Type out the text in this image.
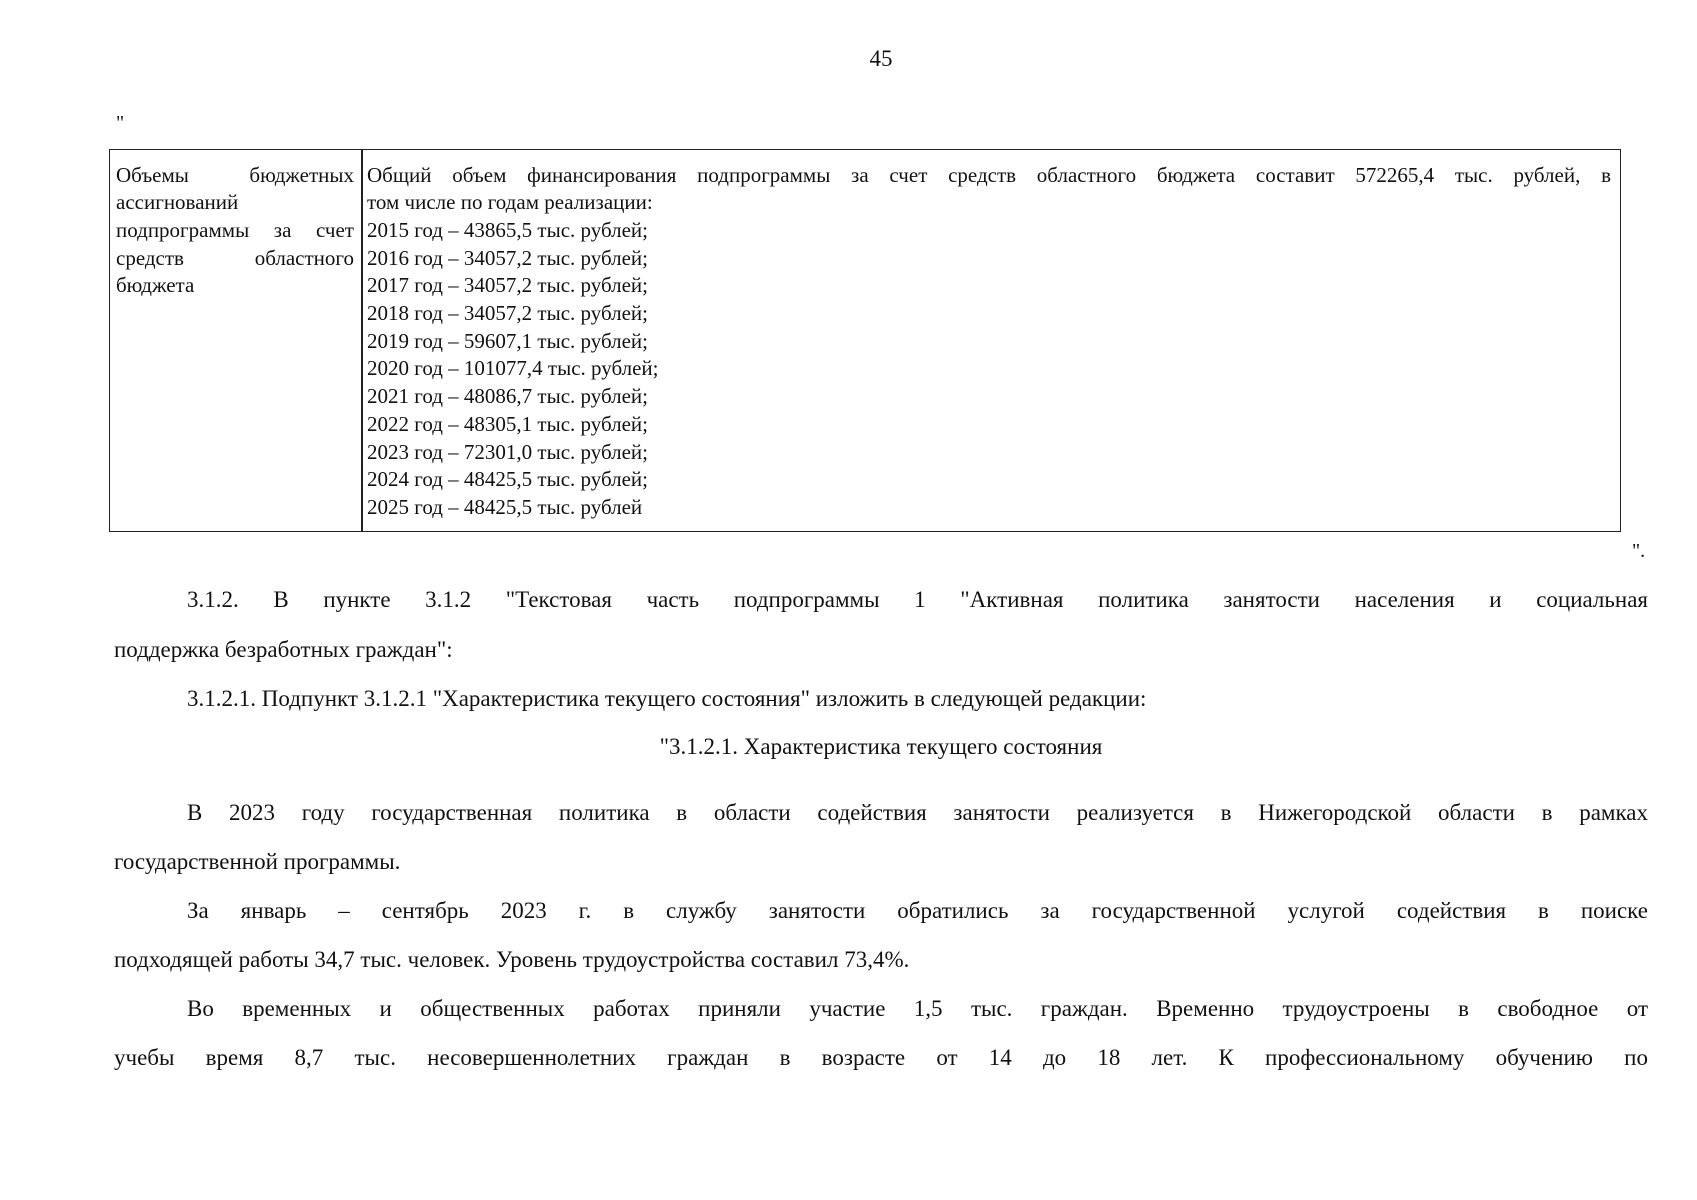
45
"
Объемы бюджетных
ассигнований
подпрограммы за счет
средств областного
бюджета
Общий объем финансирования подпрограммы за счет средств областного бюджета составит 572265,4 тыс. рублей, в
том числе по годам реализации:
2015 год – 43865,5 тыс. рублей;
2016 год – 34057,2 тыс. рублей;
2017 год – 34057,2 тыс. рублей;
2018 год – 34057,2 тыс. рублей;
2019 год – 59607,1 тыс. рублей;
2020 год – 101077,4 тыс. рублей;
2021 год – 48086,7 тыс. рублей;
2022 год – 48305,1 тыс. рублей;
2023 год – 72301,0 тыс. рублей;
2024 год – 48425,5 тыс. рублей;
2025 год – 48425,5 тыс. рублей
".
3.1.2. В пункте 3.1.2 "Текстовая часть подпрограммы 1 "Активная политика занятости населения и социальная
поддержка безработных граждан":
3.1.2.1. Подпункт 3.1.2.1 "Характеристика текущего состояния" изложить в следующей редакции:
"3.1.2.1. Характеристика текущего состояния
В 2023 году государственная политика в области содействия занятости реализуется в Нижегородской области в рамках
государственной программы.
За январь – сентябрь 2023 г. в службу занятости обратились за государственной услугой содействия в поиске
подходящей работы 34,7 тыс. человек. Уровень трудоустройства составил 73,4%.
Во временных и общественных работах приняли участие 1,5 тыс. граждан. Временно трудоустроены в свободное от
учебы время 8,7 тыс. несовершеннолетних граждан в возрасте от 14 до 18 лет. К профессиональному обучению по
